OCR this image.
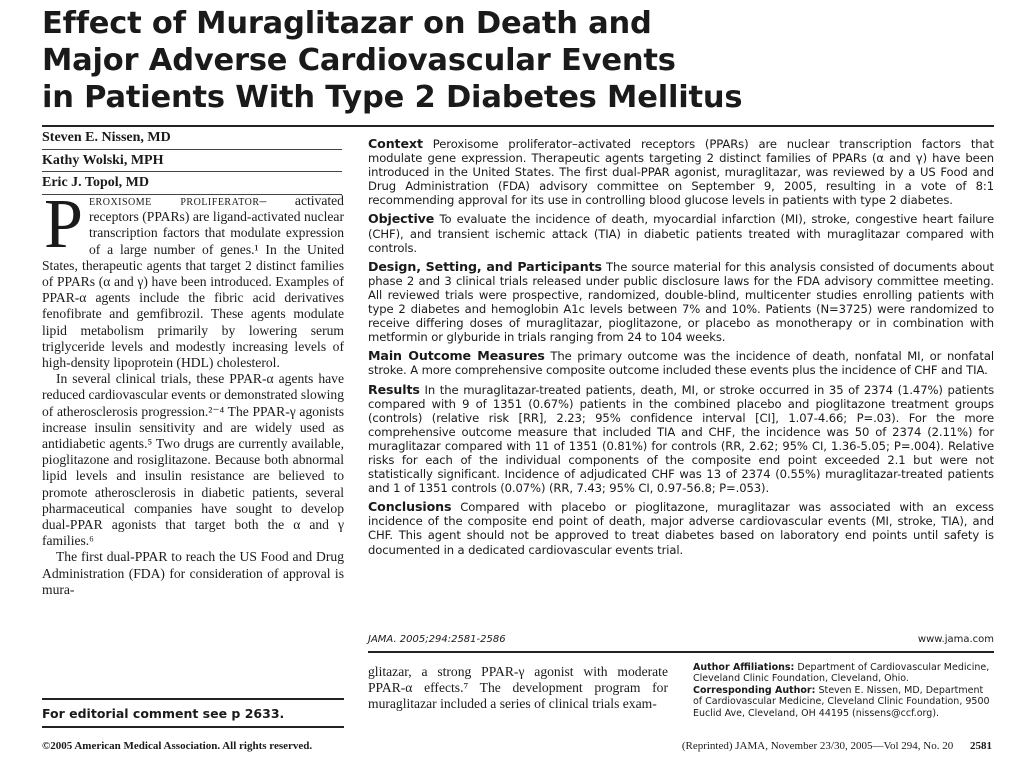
Effect of Muraglitazar on Death and
Major Adverse Cardiovascular Events
in Patients With Type 2 Diabetes Mellitus
Steven E. Nissen, MD
Kathy Wolski, MPH
Eric J. Topol, MD

P eroxisome proliferator– activated receptors (PPARs) are ligand-activated nuclear transcription factors that modulate expression of a large number of genes.¹ In the United States, therapeutic agents that target 2 distinct families of PPARs (α and γ) have been introduced. Examples of PPAR-α agents include the fibric acid derivatives fenofibrate and gemfibrozil. These agents modulate lipid metabolism primarily by lowering serum triglyceride levels and modestly increasing levels of high-density lipoprotein (HDL) cholesterol.

In several clinical trials, these PPAR-α agents have reduced cardiovascular events or demonstrated slowing of atherosclerosis progression.²⁻⁴ The PPAR-γ agonists increase insulin sensitivity and are widely used as antidiabetic agents.⁵ Two drugs are currently available, pioglitazone and rosiglitazone. Because both abnormal lipid levels and insulin resistance are believed to promote atherosclerosis in diabetic patients, several pharmaceutical companies have sought to develop dual-PPAR agonists that target both the α and γ families.⁶

The first dual-PPAR to reach the US Food and Drug Administration (FDA) for consideration of approval is mura-

Context Peroxisome proliferator–activated receptors (PPARs) are nuclear transcription factors that modulate gene expression. Therapeutic agents targeting 2 distinct families of PPARs (α and γ) have been introduced in the United States. The first dual-PPAR agonist, muraglitazar, was reviewed by a US Food and Drug Administration (FDA) advisory committee on September 9, 2005, resulting in a vote of 8:1 recommending approval for its use in controlling blood glucose levels in patients with type 2 diabetes.
Objective To evaluate the incidence of death, myocardial infarction (MI), stroke, congestive heart failure (CHF), and transient ischemic attack (TIA) in diabetic patients treated with muraglitazar compared with controls.
Design, Setting, and Participants The source material for this analysis consisted of documents about phase 2 and 3 clinical trials released under public disclosure laws for the FDA advisory committee meeting. All reviewed trials were prospective, randomized, double-blind, multicenter studies enrolling patients with type 2 diabetes and hemoglobin A1c levels between 7% and 10%. Patients (N=3725) were randomized to receive differing doses of muraglitazar, pioglitazone, or placebo as monotherapy or in combination with metformin or glyburide in trials ranging from 24 to 104 weeks.
Main Outcome Measures The primary outcome was the incidence of death, nonfatal MI, or nonfatal stroke. A more comprehensive composite outcome included these events plus the incidence of CHF and TIA.
Results In the muraglitazar-treated patients, death, MI, or stroke occurred in 35 of 2374 (1.47%) patients compared with 9 of 1351 (0.67%) patients in the combined placebo and pioglitazone treatment groups (controls) (relative risk [RR], 2.23; 95% confidence interval [CI], 1.07-4.66; P=.03). For the more comprehensive outcome measure that included TIA and CHF, the incidence was 50 of 2374 (2.11%) for muraglitazar compared with 11 of 1351 (0.81%) for controls (RR, 2.62; 95% CI, 1.36-5.05; P=.004). Relative risks for each of the individual components of the composite end point exceeded 2.1 but were not statistically significant. Incidence of adjudicated CHF was 13 of 2374 (0.55%) muraglitazar-treated patients and 1 of 1351 controls (0.07%) (RR, 7.43; 95% CI, 0.97-56.8; P=.053).
Conclusions Compared with placebo or pioglitazone, muraglitazar was associated with an excess incidence of the composite end point of death, major adverse cardiovascular events (MI, stroke, TIA), and CHF. This agent should not be approved to treat diabetes based on laboratory end points until safety is documented in a dedicated cardiovascular events trial.
JAMA. 2005;294:2581-2586	www.jama.com
glitazar, a strong PPAR-γ agonist with moderate PPAR-α effects.⁷ The development program for muraglitazar included a series of clinical trials exam-
Author Affiliations: Department of Cardiovascular Medicine, Cleveland Clinic Foundation, Cleveland, Ohio.
Corresponding Author: Steven E. Nissen, MD, Department of Cardiovascular Medicine, Cleveland Clinic Foundation, 9500 Euclid Ave, Cleveland, OH 44195 (nissens@ccf.org).
For editorial comment see p 2633.
©2005 American Medical Association. All rights reserved.	(Reprinted) JAMA, November 23/30, 2005—Vol 294, No. 20 2581
